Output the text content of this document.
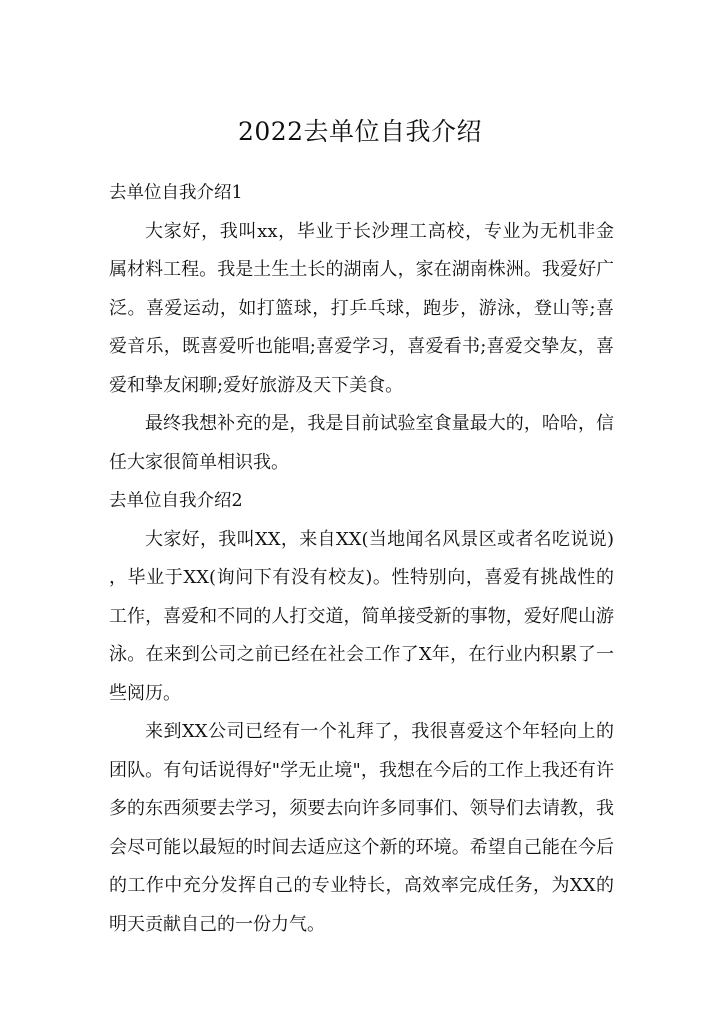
2022去单位自我介绍

去单位自我介绍1

大家好，我叫xx，毕业于长沙理工高校，专业为无机非金属材料工程。我是土生土长的湖南人，家在湖南株洲。我爱好广泛。喜爱运动，如打篮球，打乒乓球，跑步，游泳，登山等;喜爱音乐，既喜爱听也能唱;喜爱学习，喜爱看书;喜爱交挚友，喜爱和挚友闲聊;爱好旅游及天下美食。

最终我想补充的是，我是目前试验室食量最大的，哈哈，信任大家很简单相识我。

去单位自我介绍2

大家好，我叫XX，来自XX(当地闻名风景区或者名吃说说)，毕业于XX(询问下有没有校友)。性特别向，喜爱有挑战性的工作，喜爱和不同的人打交道，简单接受新的事物，爱好爬山游泳。在来到公司之前已经在社会工作了X年，在行业内积累了一些阅历。

来到XX公司已经有一个礼拜了，我很喜爱这个年轻向上的团队。有句话说得好"学无止境"，我想在今后的工作上我还有许多的东西须要去学习，须要去向许多同事们、领导们去请教，我会尽可能以最短的时间去适应这个新的环境。希望自己能在今后的工作中充分发挥自己的专业特长，高效率完成任务，为XX的明天贡献自己的一份力气。
